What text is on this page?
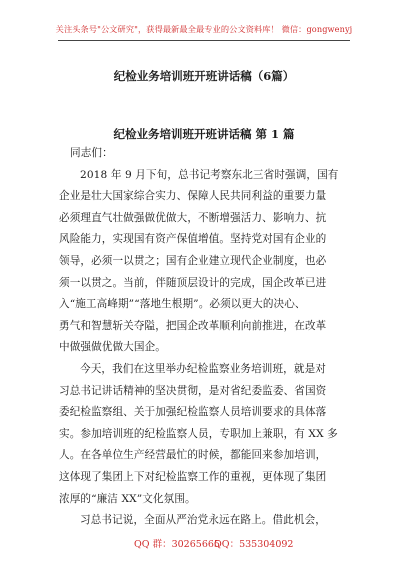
关注头条号"公文研究"，获得最新最全最专业的公文资料库！ 微信：gongwenyj
纪检业务培训班开班讲话稿（6篇）
纪检业务培训班开班讲话稿 第 1 篇
同志们：
2018 年 9 月下旬，总书记考察东北三省时强调，国有
企业是壮大国家综合实力、保障人民共同利益的重要力量
必须理直气壮做强做优做大，不断增强活力、影响力、抗
风险能力，实现国有资产保值增值。坚持党对国有企业的
领导，必须一以贯之；国有企业建立现代企业制度，也必
须一以贯之。当前，伴随顶层设计的完成，国企改革已进
入“施工高峰期”“落地生根期”。必须以更大的决心、
勇气和智慧斩关夺隘，把国企改革顺利向前推进，在改革
中做强做优做大国企。
今天，我们在这里举办纪检监察业务培训班，就是对
习总书记讲话精神的坚决贯彻，是对省纪委监委、省国资
委纪检监察组、关于加强纪检监察人员培训要求的具体落
实。参加培训班的纪检监察人员，专职加上兼职，有 XX 多
人。在各单位生产经营最忙的时候，都能回来参加培训，
这体现了集团上下对纪检监察工作的重视，更体现了集团
浓厚的“廉洁 XX”文化氛围。
习总书记说，全面从严治党永远在路上。借此机会，
QQ 群：30265665
QQ：535304092
